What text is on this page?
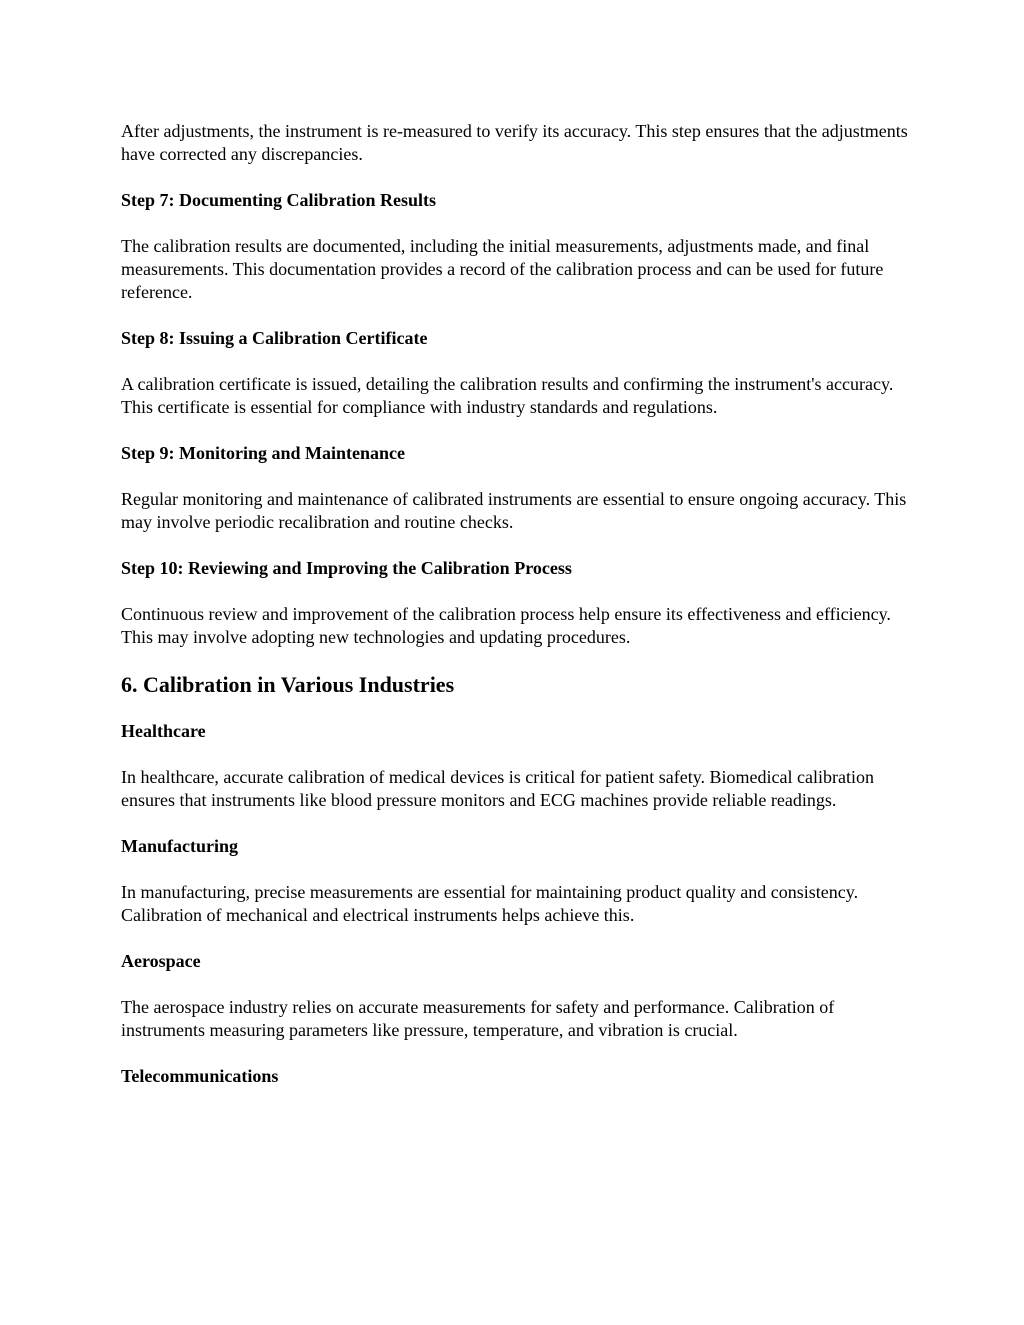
After adjustments, the instrument is re-measured to verify its accuracy. This step ensures that the adjustments have corrected any discrepancies.

Step 7: Documenting Calibration Results

The calibration results are documented, including the initial measurements, adjustments made, and final measurements. This documentation provides a record of the calibration process and can be used for future reference.

Step 8: Issuing a Calibration Certificate

A calibration certificate is issued, detailing the calibration results and confirming the instrument's accuracy. This certificate is essential for compliance with industry standards and regulations.

Step 9: Monitoring and Maintenance

Regular monitoring and maintenance of calibrated instruments are essential to ensure ongoing accuracy. This may involve periodic recalibration and routine checks.

Step 10: Reviewing and Improving the Calibration Process

Continuous review and improvement of the calibration process help ensure its effectiveness and efficiency. This may involve adopting new technologies and updating procedures.

6. Calibration in Various Industries

Healthcare

In healthcare, accurate calibration of medical devices is critical for patient safety. Biomedical calibration ensures that instruments like blood pressure monitors and ECG machines provide reliable readings.

Manufacturing

In manufacturing, precise measurements are essential for maintaining product quality and consistency. Calibration of mechanical and electrical instruments helps achieve this.

Aerospace

The aerospace industry relies on accurate measurements for safety and performance. Calibration of instruments measuring parameters like pressure, temperature, and vibration is crucial.

Telecommunications
